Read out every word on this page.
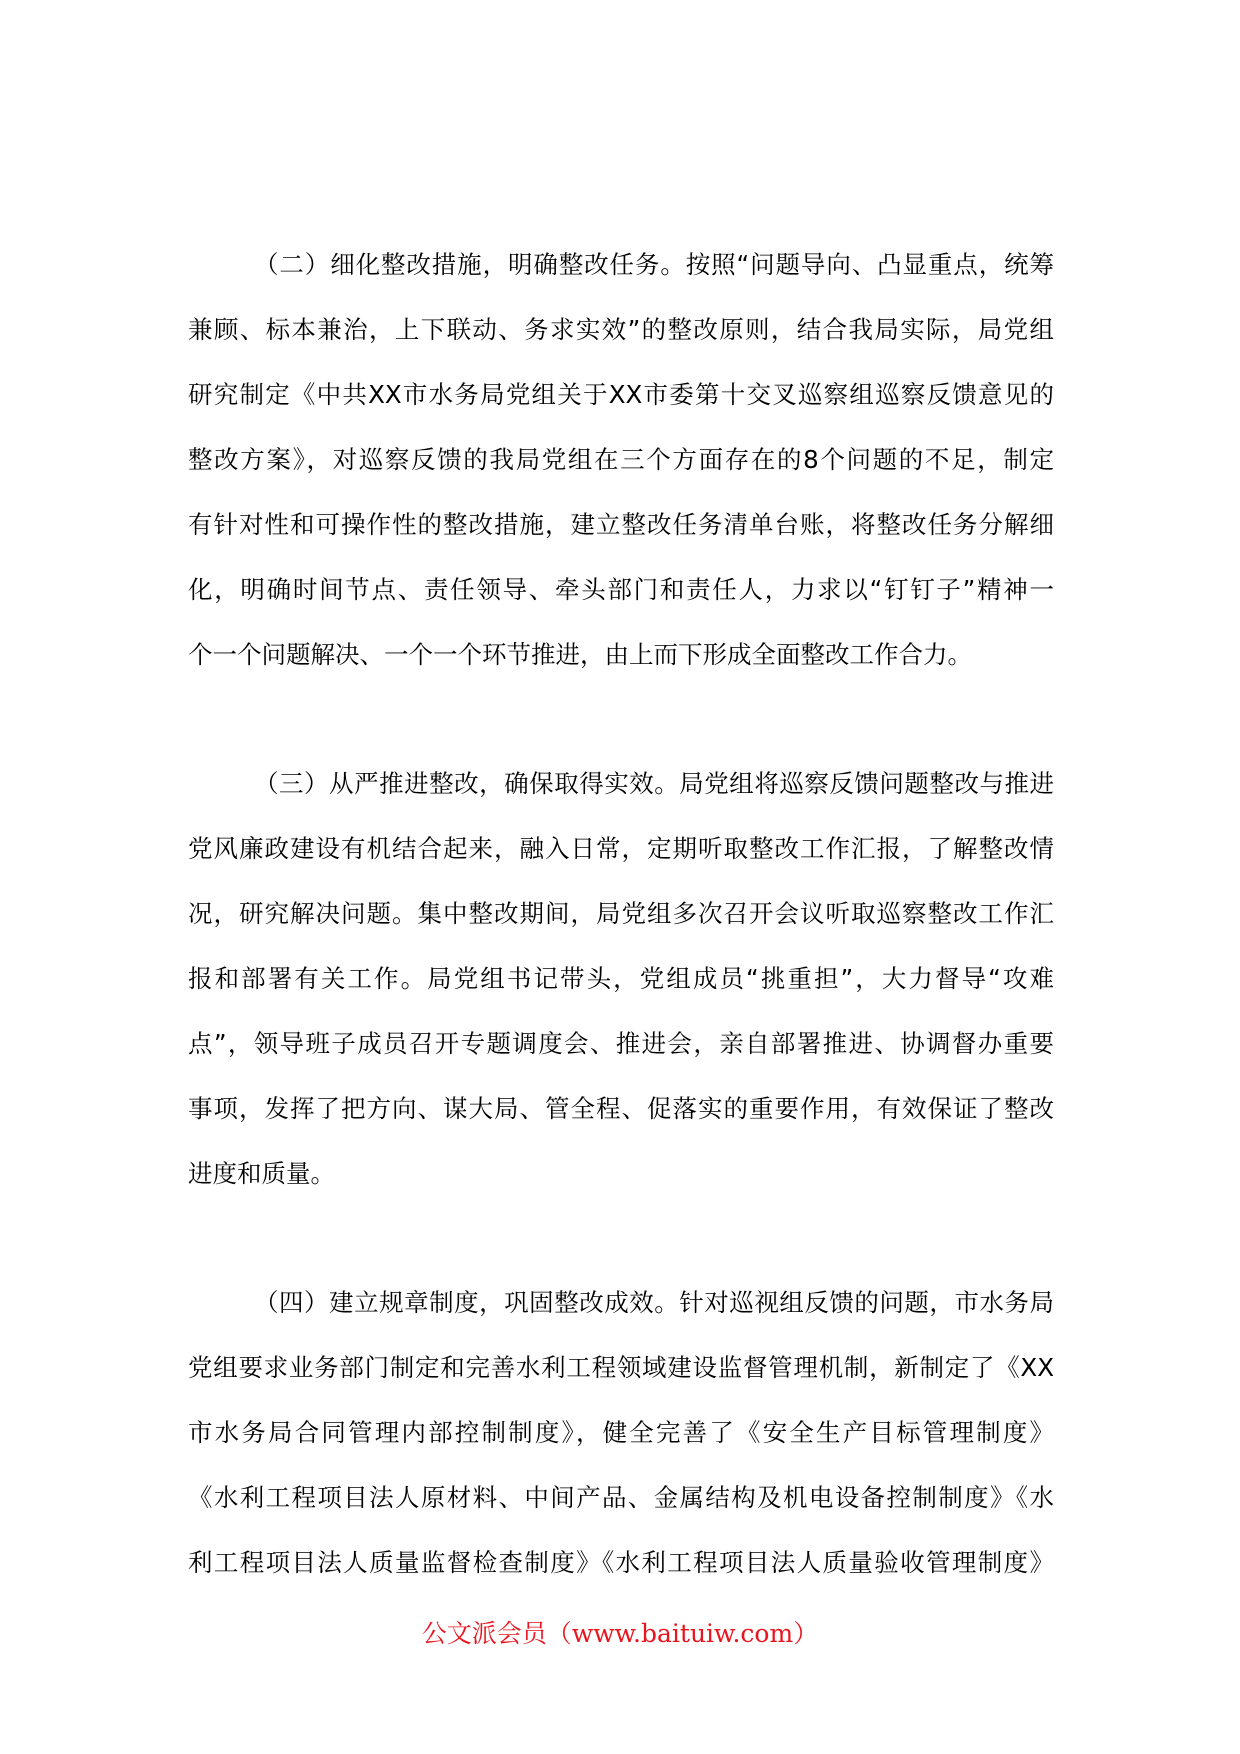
（二）细化整改措施，明确整改任务。按照“问题导向、凸显重点，统筹
兼顾、标本兼治，上下联动、务求实效”的整改原则，结合我局实际，局党组
研究制定《中共XX市水务局党组关于XX市委第十交叉巡察组巡察反馈意见的
整改方案》，对巡察反馈的我局党组在三个方面存在的8个问题的不足，制定
有针对性和可操作性的整改措施，建立整改任务清单台账，将整改任务分解细
化，明确时间节点、责任领导、牵头部门和责任人，力求以“钉钉子”精神一
个一个问题解决、一个一个环节推进，由上而下形成全面整改工作合力。

（三）从严推进整改，确保取得实效。局党组将巡察反馈问题整改与推进
党风廉政建设有机结合起来，融入日常，定期听取整改工作汇报，了解整改情
况，研究解决问题。集中整改期间，局党组多次召开会议听取巡察整改工作汇
报和部署有关工作。局党组书记带头，党组成员“挑重担”，大力督导“攻难
点”，领导班子成员召开专题调度会、推进会，亲自部署推进、协调督办重要
事项，发挥了把方向、谋大局、管全程、促落实的重要作用，有效保证了整改
进度和质量。

（四）建立规章制度，巩固整改成效。针对巡视组反馈的问题，市水务局
党组要求业务部门制定和完善水利工程领域建设监督管理机制，新制定了《XX
市水务局合同管理内部控制制度》，健全完善了《安全生产目标管理制度》
《水利工程项目法人原材料、中间产品、金属结构及机电设备控制制度》《水
利工程项目法人质量监督检查制度》《水利工程项目法人质量验收管理制度》

公文派会员（www.baituiw.com）
